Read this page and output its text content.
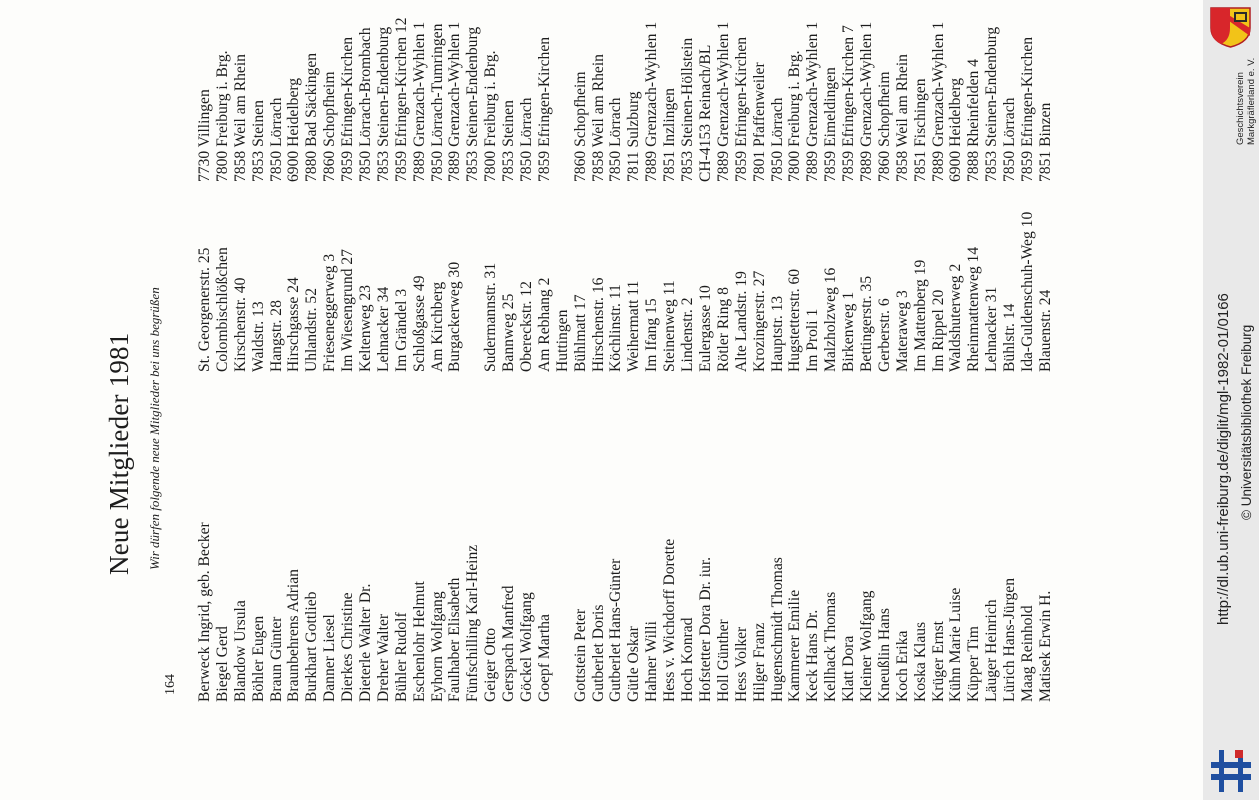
164
Neue Mitglieder 1981 Wir dürfen folgende neue Mitglieder bei uns begrüßen
Berweck Ingrid, geb. Becker
St. Georgenerstr. 25
7730 Villingen
Biegel Gerd
Colombischlößchen
7800 Freiburg i. Brg.
Blandow Ursula
Kirschenstr. 40
7858 Weil am Rhein
Böhler Eugen
Waldstr. 13
7853 Steinen
Braun Günter
Hangstr. 28
7850 Lörrach
Braunbehrens Adrian
Hirschgasse 24
6900 Heidelberg
Burkhart Gottlieb
Uhlandstr. 52
7880 Bad Säckingen
Danner Liesel
Frieseneggerweg 3
7860 Schopfheim
Dierkes Christine
Im Wiesengrund 27
7859 Efringen-Kirchen
Dieterle Walter Dr.
Keltenweg 23
7850 Lörrach-Brombach
Dreher Walter
Lehnacker 34
7853 Steinen-Endenburg
Bühler Rudolf
Im Grändel 3
7859 Efringen-Kirchen 12
Eschenlohr Helmut
Schloßgasse 49
7889 Grenzach-Wyhlen 1
Eyhorn Wolfgang
Am Kirchberg
7850 Lörrach-Tumringen
Faulhaber Elisabeth
Burgackerweg 30
7889 Grenzach-Wyhlen 1
Fünfschilling Karl-Heinz
7853 Steinen-Endenburg
Geiger Otto
Sudermannstr. 31
7800 Freiburg i. Brg.
Gerspach Manfred
Bannweg 25
7853 Steinen
Göckel Wolfgang
Obereckstr. 12
7850 Lörrach
Goepf Martha
Am Rebhang 2
7859 Efringen-Kirchen
Huttingen
Gottstein Peter
Bühlmatt 17
7860 Schopfheim
Gutberlet Doris
Hirschenstr. 16
7858 Weil am Rhein
Gutberlet Hans-Günter
Köchlinstr. 11
7850 Lörrach
Gütle Oskar
Weihermatt 11
7811 Sulzburg
Hahner Willi
Im Ifang 15
7889 Grenzach-Wyhlen 1
Hess v. Wichdorff Dorette
Steinenweg 11
7851 Inzlingen
Hoch Konrad
Lindenstr. 2
7853 Steinen-Höllstein
Hofstetter Dora Dr. iur.
Eulergasse 10
CH-4153 Reinach/BL
Holl Günther
Rötler Ring 8
7889 Grenzach-Wyhlen 1
Hess Volker
Alte Landstr. 19
7859 Efringen-Kirchen
Hilger Franz
Krozingerstr. 27
7801 Pfaffenweiler
Hugenschmidt Thomas
Hauptstr. 13
7850 Lörrach
Kammerer Emilie
Hugstetterstr. 60
7800 Freiburg i. Brg.
Keck Hans Dr.
Im Proli 1
7889 Grenzach-Wyhlen 1
Kellhack Thomas
Malzholzweg 16
7859 Eimeldingen
Klatt Dora
Birkenweg 1
7859 Efringen-Kirchen 7
Kleiner Wolfgang
Bettingerstr. 35
7889 Grenzach-Wyhlen 1
Kneußlin Hans
Gerberstr. 6
7860 Schopfheim
Koch Erika
Materaweg 3
7858 Weil am Rhein
Koska Klaus
Im Mattenberg 19
7851 Fischingen
Krüger Ernst
Im Rippel 20
7889 Grenzach-Wyhlen 1
Kühn Marie Luise
Waldshuterweg 2
6900 Heidelberg
Küpper Tim
Rheinmattenweg 14
7888 Rheinfelden 4
Läuger Heinrich
Lehnacker 31
7853 Steinen-Endenburg
Lürich Hans-Jürgen
Bühlstr. 14
7850 Lörrach
Maag Reinhold
Ida-Guldenschuh-Weg 10
7859 Efringen-Kirchen
Matisek Erwin H.
Blauenstr. 24
7851 Binzen
http://dl.ub.uni-freiburg.de/diglit/mgl-1982-01/0166 © Universitätsbibliothek Freiburg
Geschichtsverein Markgräflerland e. V.
